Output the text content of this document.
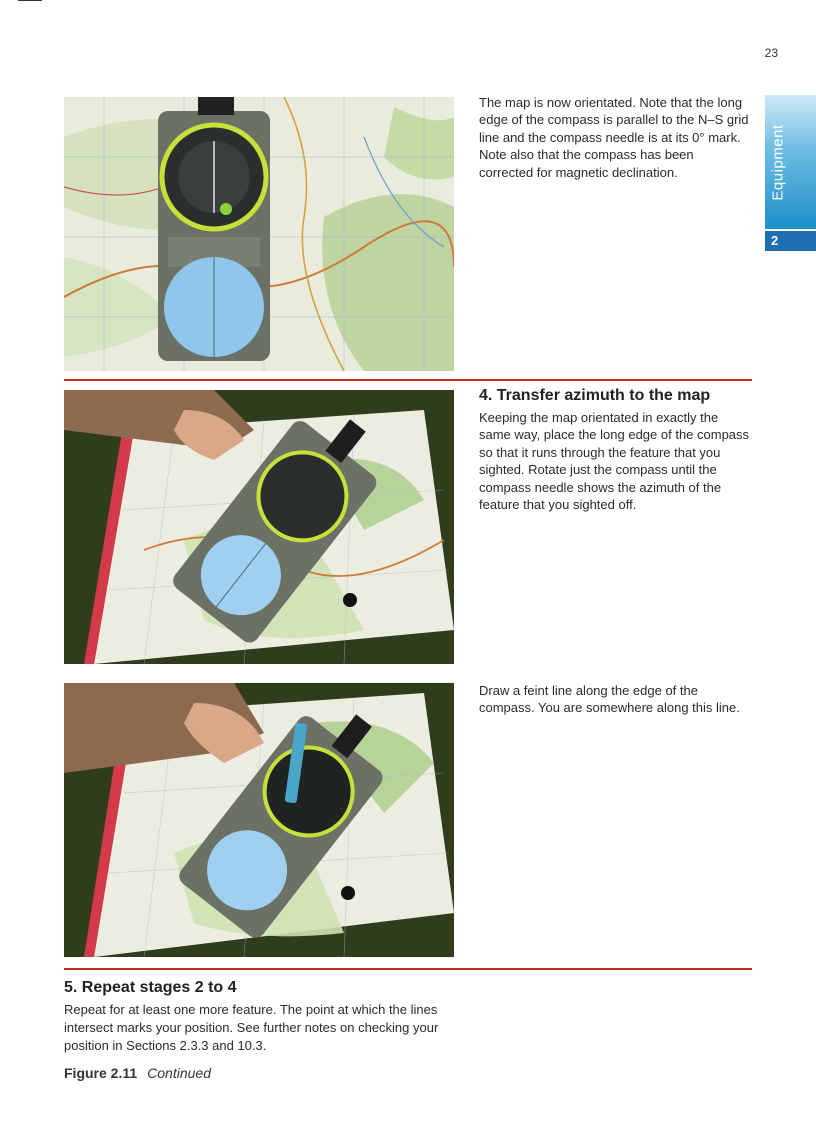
23
Equipment
2
The map is now orientated. Note that the long edge of the compass is parallel to the N–S grid line and the compass needle is at its 0° mark. Note also that the compass has been corrected for magnetic declination.
4. Transfer azimuth to the map
Keeping the map orientated in exactly the same way, place the long edge of the compass so that it runs through the feature that you sighted. Rotate just the compass until the compass needle shows the azimuth of the feature that you sighted off.
Draw a feint line along the edge of the compass. You are somewhere along this line.
5. Repeat stages 2 to 4
Repeat for at least one more feature. The point at which the lines intersect marks your position. See further notes on checking your position in Sections 2.3.3 and 10.3.
Figure 2.11 Continued
